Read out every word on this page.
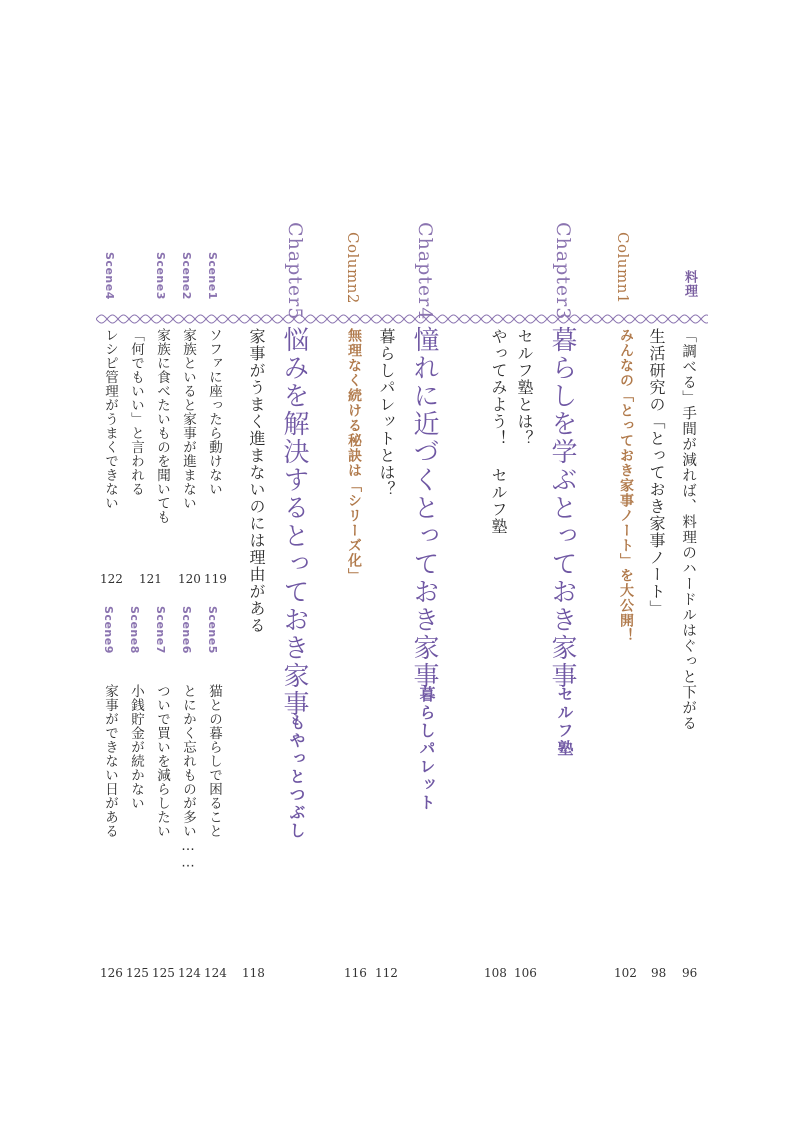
料理
「調べる」手間が減れば、料理のハードルはぐっと下がる
Column1
生活研究の「とっておき家事ノート」
みんなの「とっておき家事ノート」を大公開！
Chapter3
暮らしを学ぶとっておき家事
セルフ塾
セルフ塾とは？
やってみよう！ セルフ塾
Chapter4
憧れに近づくとっておき家事
暮らしパレット
暮らしパレットとは？
Column2
無理なく続ける秘訣は「シリーズ化」
Chapter5
悩みを解決するとっておき家事
もやっとつぶし
家事がうまく進まないのには理由がある
Scene1
Scene2
Scene3
Scene4
ソファに座ったら動けない
家族といると家事が進まない
家族に食べたいものを聞いても
「何でもいい」と言われる
レシピ管理がうまくできない
119
120
121
122
Scene5
Scene6
Scene7
Scene8
Scene9
猫との暮らしで困ること
とにかく忘れものが多い……
ついで買いを減らしたい
小銭貯金が続かない
家事ができない日がある
96
98
102
106
108
112
116
118
124
124
125
125
126
